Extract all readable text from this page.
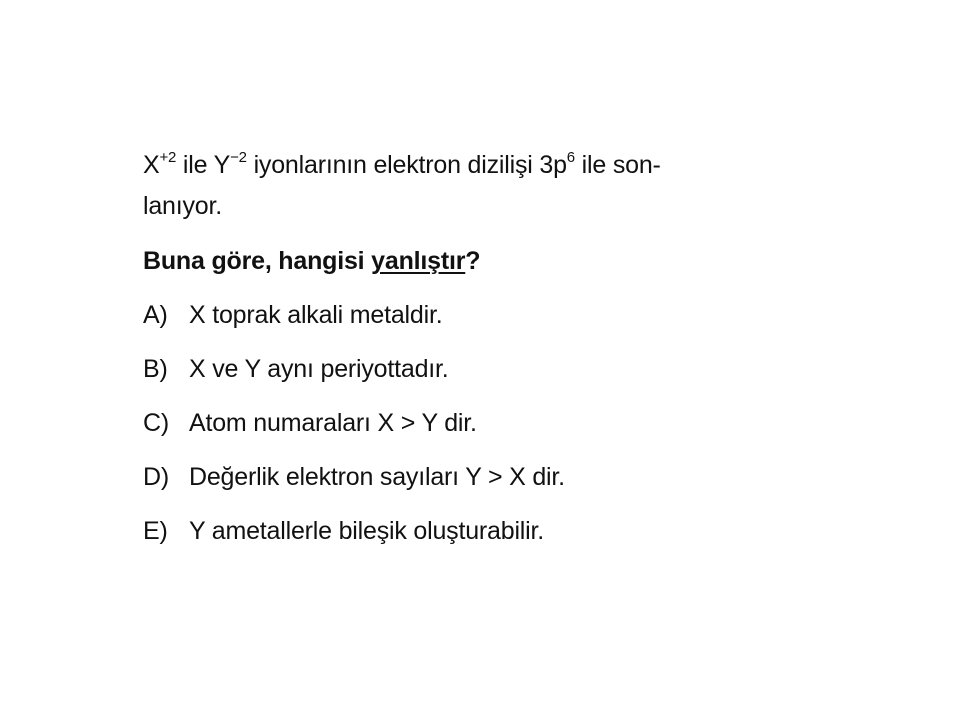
$X^{+2}$ ile $Y^{-2}$ iyonlarının elektron dizilişi $3p^6$ ile son-
lanıyor.

Buna göre, hangisi yanlıştır?

A) X toprak alkali metaldir.
B) X ve Y aynı periyottadır.
C) Atom numaraları X > Y dir.
D) Değerlik elektron sayıları Y > X dir.
E) Y ametallerle bileşik oluşturabilir.
